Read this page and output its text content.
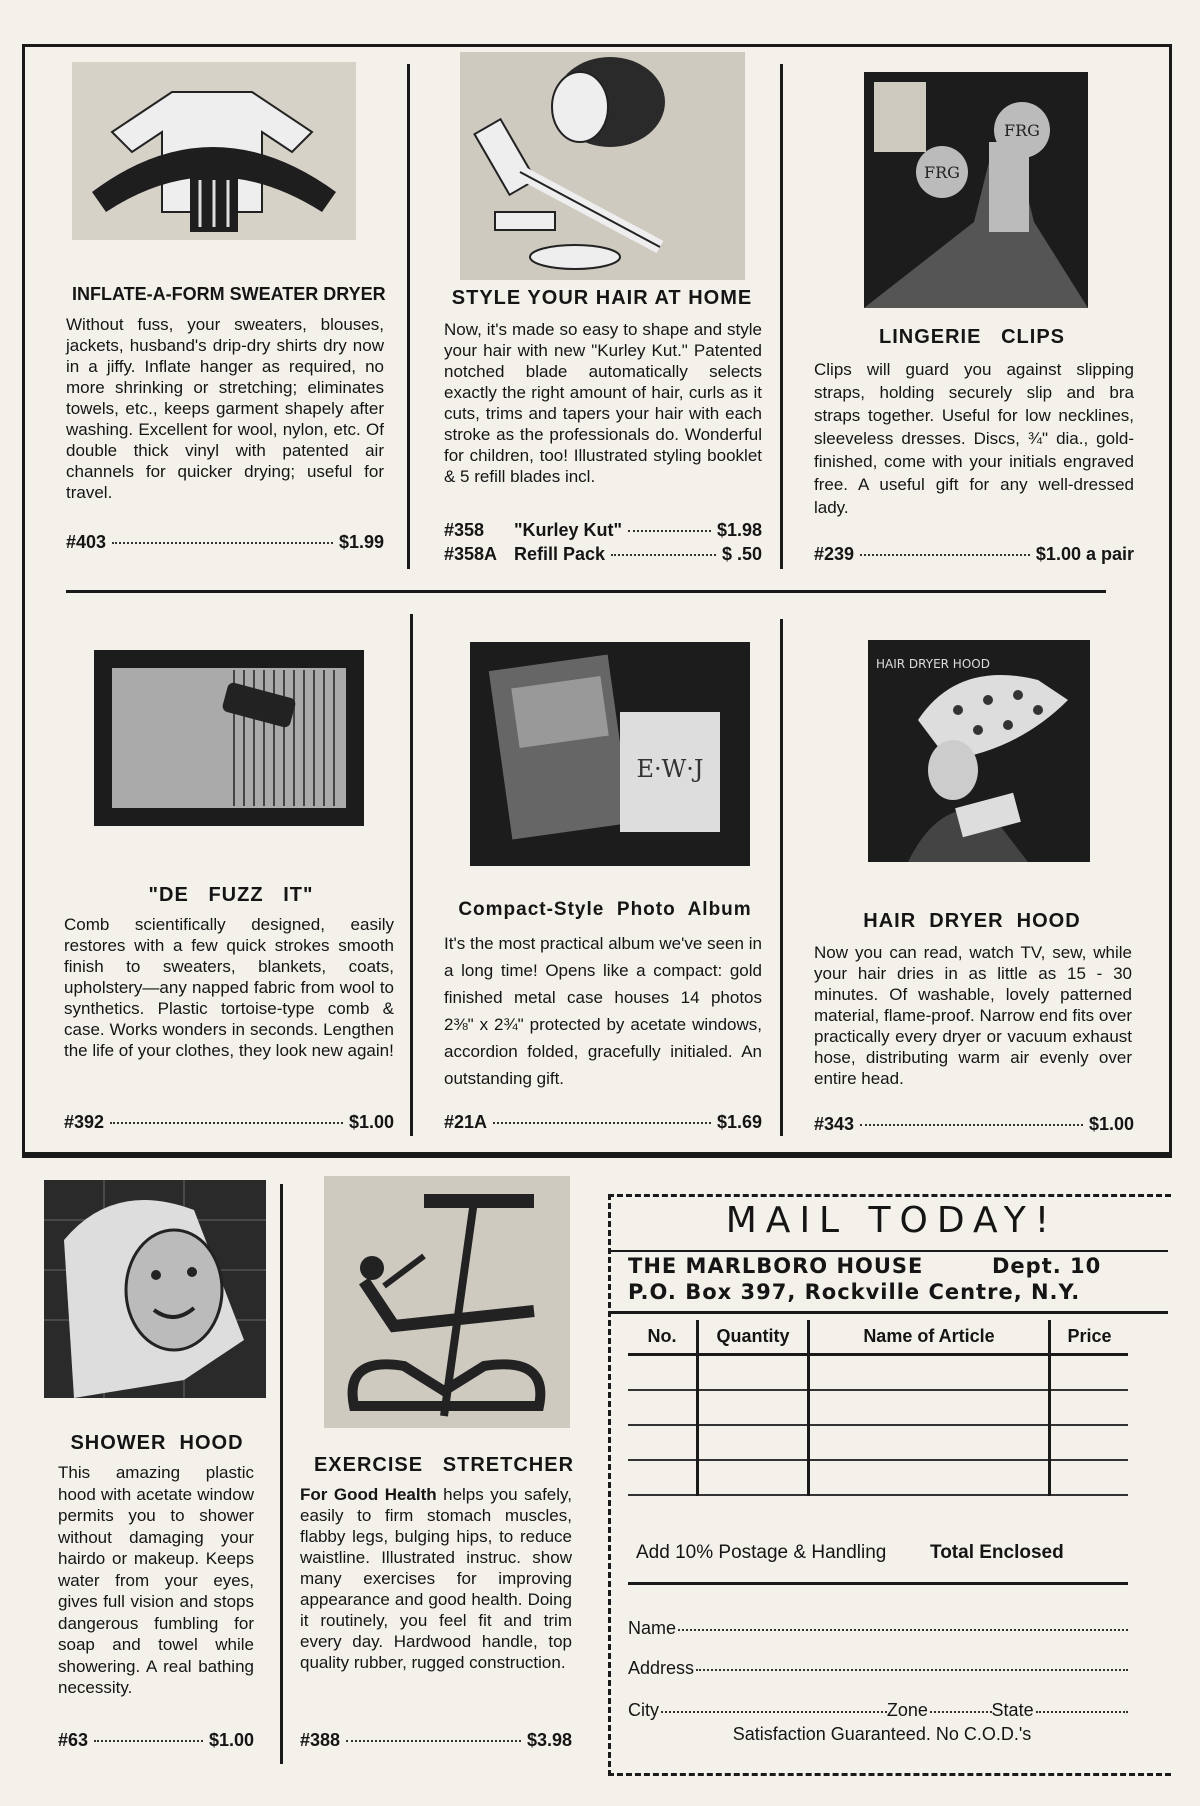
INFLATE-A-FORM SWEATER DRYER
Without fuss, your sweaters, blouses, jackets, husband's drip-dry shirts dry now in a jiffy. Inflate hanger as required, no more shrinking or stretching; eliminates towels, etc., keeps garment shapely after washing. Excellent for wool, nylon, etc. Of double thick vinyl with patented air channels for quicker drying; useful for travel.
#403	$1.99
STYLE YOUR HAIR AT HOME
Now, it's made so easy to shape and style your hair with new "Kurley Kut." Patented notched blade automatically selects exactly the right amount of hair, curls as it cuts, trims and tapers your hair with each stroke as the professionals do. Wonderful for children, too! Illustrated styling booklet & 5 refill blades incl.
#358	"Kurley Kut"	$1.98
#358A Refill Pack	$ .50
FRG
FRG
LINGERIE   CLIPS
Clips will guard you against slipping straps, holding securely slip and bra straps together. Useful for low necklines, sleeveless dresses. Discs, ¾" dia., gold-finished, come with your initials engraved free. A useful gift for any well-dressed lady.
#239	$1.00 a pair
"DE   FUZZ   IT"
Comb scientifically designed, easily restores with a few quick strokes smooth finish to sweaters, blankets, coats, upholstery—any napped fabric from wool to synthetics. Plastic tortoise-type comb & case. Works wonders in seconds. Lengthen the life of your clothes, they look new again!
#392	$1.00
E·W·J
Compact-Style  Photo  Album
It's the most practical album we've seen in a long time! Opens like a compact: gold finished metal case houses 14 photos 2⅜" x 2¾" protected by acetate windows, accordion folded, gracefully initialed. An outstanding gift.
#21A	$1.69
HAIR DRYER HOOD
HAIR  DRYER  HOOD
Now you can read, watch TV, sew, while your hair dries in as little as 15 - 30 minutes. Of washable, lovely patterned material, flame-proof. Narrow end fits over practically every dryer or vacuum exhaust hose, distributing warm air evenly over entire head.
#343	$1.00
SHOWER  HOOD
This amazing plastic hood with acetate window permits you to shower without damaging your hairdo or makeup. Keeps water from your eyes, gives full vision and stops dangerous fumbling for soap and towel while showering. A real bathing necessity.
#63	$1.00
EXERCISE   STRETCHER
For Good Health helps you safely, easily to firm stomach muscles, flabby legs, bulging hips, to reduce waistline. Illustrated instruc. show many exercises for improving appearance and good health. Doing it routinely, you feel fit and trim every day. Hardwood handle, top quality rubber, rugged construction.
#388	$3.98
MAIL TODAY!
THE MARLBORO HOUSE	Dept. 10
P.O. Box 397, Rockville Centre, N.Y.
No.	Quantity	Name of Article	Price

Add 10% Postage & Handling Total Enclosed
Name
Address
City	Zone	State
Satisfaction Guaranteed. No C.O.D.'s
